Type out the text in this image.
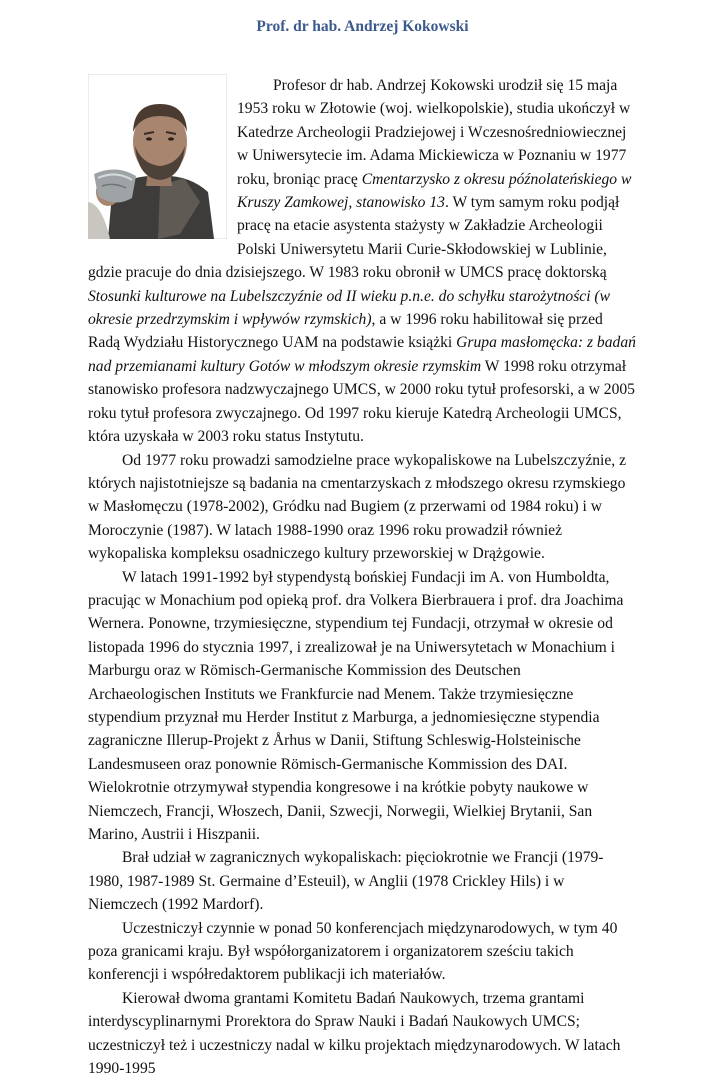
Prof. dr hab. Andrzej Kokowski

Profesor dr hab. Andrzej Kokowski urodził się 15 maja 1953 roku w Złotowie (woj. wielkopolskie), studia ukończył w Katedrze Archeologii Pradziejowej i Wczesnośredniowiecznej w Uniwersytecie im. Adama Mickiewicza w Poznaniu w 1977 roku, broniąc pracę Cmentarzysko z okresu późnolateńskiego w Kruszy Zamkowej, stanowisko 13. W tym samym roku podjął pracę na etacie asystenta stażysty w Zakładzie Archeologii Polski Uniwersytetu Marii Curie-Skłodowskiej w Lublinie, gdzie pracuje do dnia dzisiejszego. W 1983 roku obronił w UMCS pracę doktorską Stosunki kulturowe na Lubelszczyźnie od II wieku p.n.e. do schyłku starożytności (w okresie przedrzymskim i wpływów rzymskich), a w 1996 roku habilitował się przed Radą Wydziału Historycznego UAM na podstawie książki Grupa masłomęcka: z badań nad przemianami kultury Gotów w młodszym okresie rzymskim W 1998 roku otrzymał stanowisko profesora nadzwyczajnego UMCS, w 2000 roku tytuł profesorski, a w 2005 roku tytuł profesora zwyczajnego. Od 1997 roku kieruje Katedrą Archeologii UMCS, która uzyskała w 2003 roku status Instytutu.

Od 1977 roku prowadzi samodzielne prace wykopaliskowe na Lubelszczyźnie, z których najistotniejsze są badania na cmentarzyskach z młodszego okresu rzymskiego w Masłomęczu (1978-2002), Gródku nad Bugiem (z przerwami od 1984 roku) i w Moroczynie (1987). W latach 1988-1990 oraz 1996 roku prowadził również wykopaliska kompleksu osadniczego kultury przeworskiej w Drążgowie.

W latach 1991-1992 był stypendystą bońskiej Fundacji im A. von Humboldta, pracując w Monachium pod opieką prof. dra Volkera Bierbrauera i prof. dra Joachima Wernera. Ponowne, trzymiesięczne, stypendium tej Fundacji, otrzymał w okresie od listopada 1996 do stycznia 1997, i zrealizował je na Uniwersytetach w Monachium i Marburgu oraz w Römisch-Germanische Kommission des Deutschen Archaeologischen Instituts we Frankfurcie nad Menem. Także trzymiesięczne stypendium przyznał mu Herder Institut z Marburga, a jednomiesięczne stypendia zagraniczne Illerup-Projekt z Århus w Danii, Stiftung Schleswig-Holsteinische Landesmuseen oraz ponownie Römisch-Germanische Kommission des DAI. Wielokrotnie otrzymywał stypendia kongresowe i na krótkie pobyty naukowe w Niemczech, Francji, Włoszech, Danii, Szwecji, Norwegii, Wielkiej Brytanii, San Marino, Austrii i Hiszpanii.

Brał udział w zagranicznych wykopaliskach: pięciokrotnie we Francji (1979-1980, 1987-1989 St. Germaine d’Esteuil), w Anglii (1978 Crickley Hils) i w Niemczech (1992 Mardorf).

Uczestniczył czynnie w ponad 50 konferencjach międzynarodowych, w tym 40 poza granicami kraju. Był współorganizatorem i organizatorem sześciu takich konferencji i współredaktorem publikacji ich materiałów.

Kierował dwoma grantami Komitetu Badań Naukowych, trzema grantami interdyscyplinarnymi Prorektora do Spraw Nauki i Badań Naukowych UMCS; uczestniczył też i uczestniczy nadal w kilku projektach międzynarodowych. W latach 1990-1995
